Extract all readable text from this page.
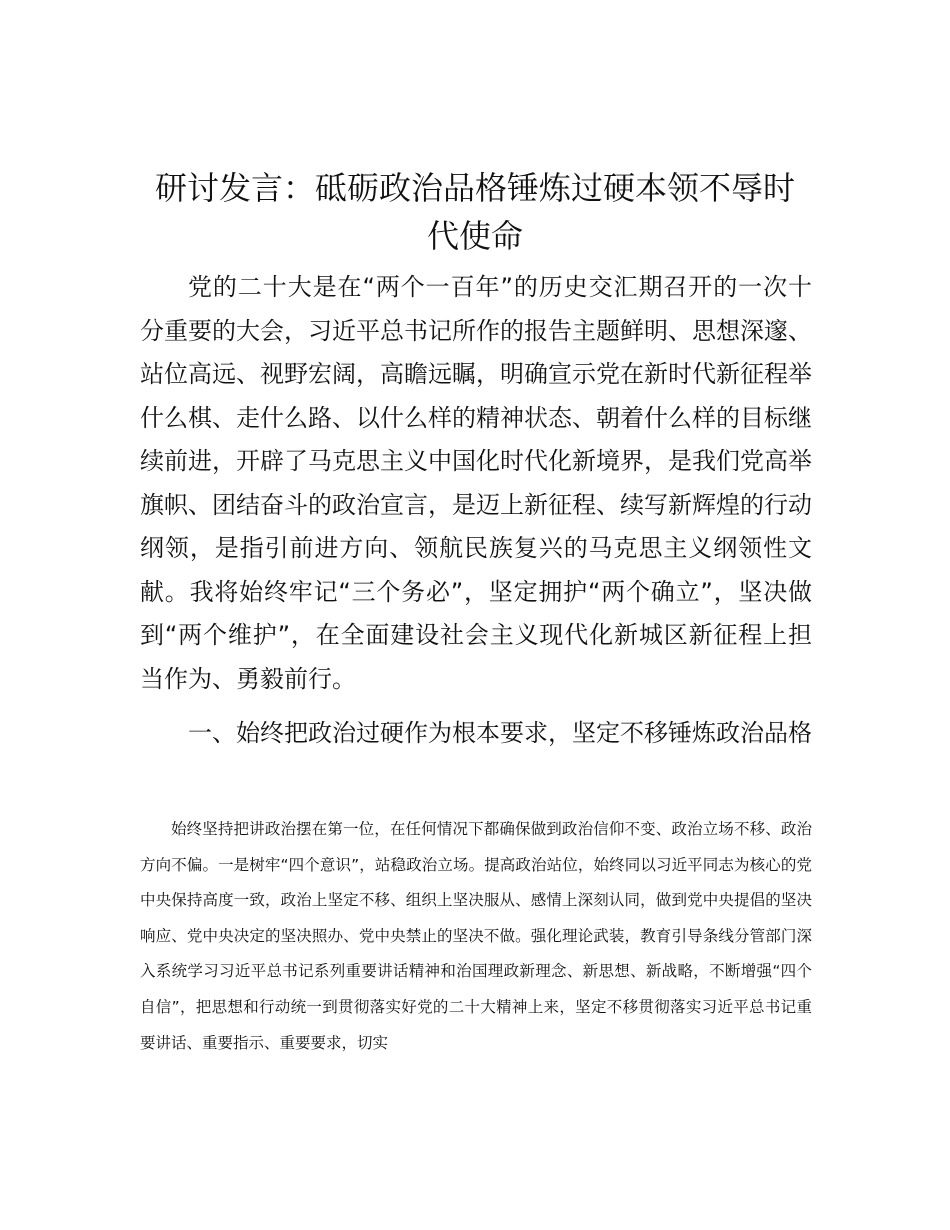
研讨发言：砥砺政治品格锤炼过硬本领不辱时代使命

党的二十大是在“两个一百年”的历史交汇期召开的一次十分重要的大会，习近平总书记所作的报告主题鲜明、思想深邃、站位高远、视野宏阔，高瞻远瞩，明确宣示党在新时代新征程举什么棋、走什么路、以什么样的精神状态、朝着什么样的目标继续前进，开辟了马克思主义中国化时代化新境界，是我们党高举旗帜、团结奋斗的政治宣言，是迈上新征程、续写新辉煌的行动纲领，是指引前进方向、领航民族复兴的马克思主义纲领性文献。我将始终牢记“三个务必”，坚定拥护“两个确立”，坚决做到“两个维护”，在全面建设社会主义现代化新城区新征程上担当作为、勇毅前行。

一、始终把政治过硬作为根本要求，坚定不移锤炼政治品格

始终坚持把讲政治摆在第一位，在任何情况下都确保做到政治信仰不变、政治立场不移、政治方向不偏。一是树牢“四个意识”，站稳政治立场。提高政治站位，始终同以习近平同志为核心的党中央保持高度一致，政治上坚定不移、组织上坚决服从、感情上深刻认同，做到党中央提倡的坚决响应、党中央决定的坚决照办、党中央禁止的坚决不做。强化理论武装，教育引导条线分管部门深入系统学习习近平总书记系列重要讲话精神和治国理政新理念、新思想、新战略，不断增强“四个自信”，把思想和行动统一到贯彻落实好党的二十大精神上来，坚定不移贯彻落实习近平总书记重要讲话、重要指示、重要要求，切实
